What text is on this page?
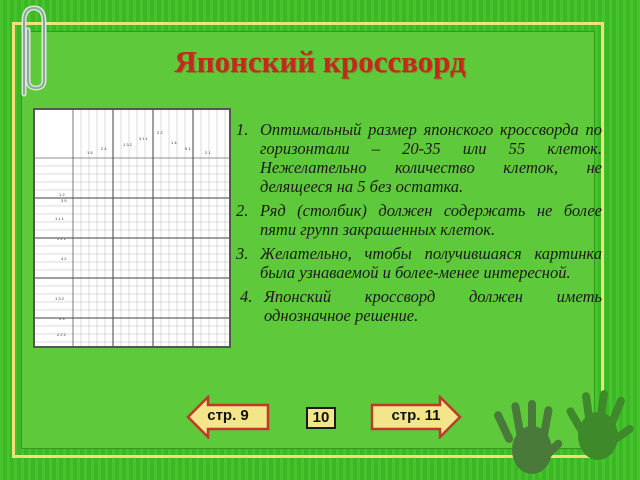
Японский кроссворд
1 5
2 4
1 3 2
3 1 1
2 2
1 4
5 1
2 1
1 2
3 5
1 1 1
2 2 1
4 2
1 3 2
5 3
2 2 2
1. Оптимальный размер японского кроссворда по горизонтали – 20-35 или 55 клеток. Нежелательно количество клеток, не делящееся на 5 без остатка.
2. Ряд (столбик) должен содержать не более пяти групп закрашенных клеток.
3. Желательно, чтобы получившаяся картинка была узнаваемой и более-менее интересной.
4. Японский кроссворд должен иметь однозначное решение.
стр. 9	10	стр. 11
